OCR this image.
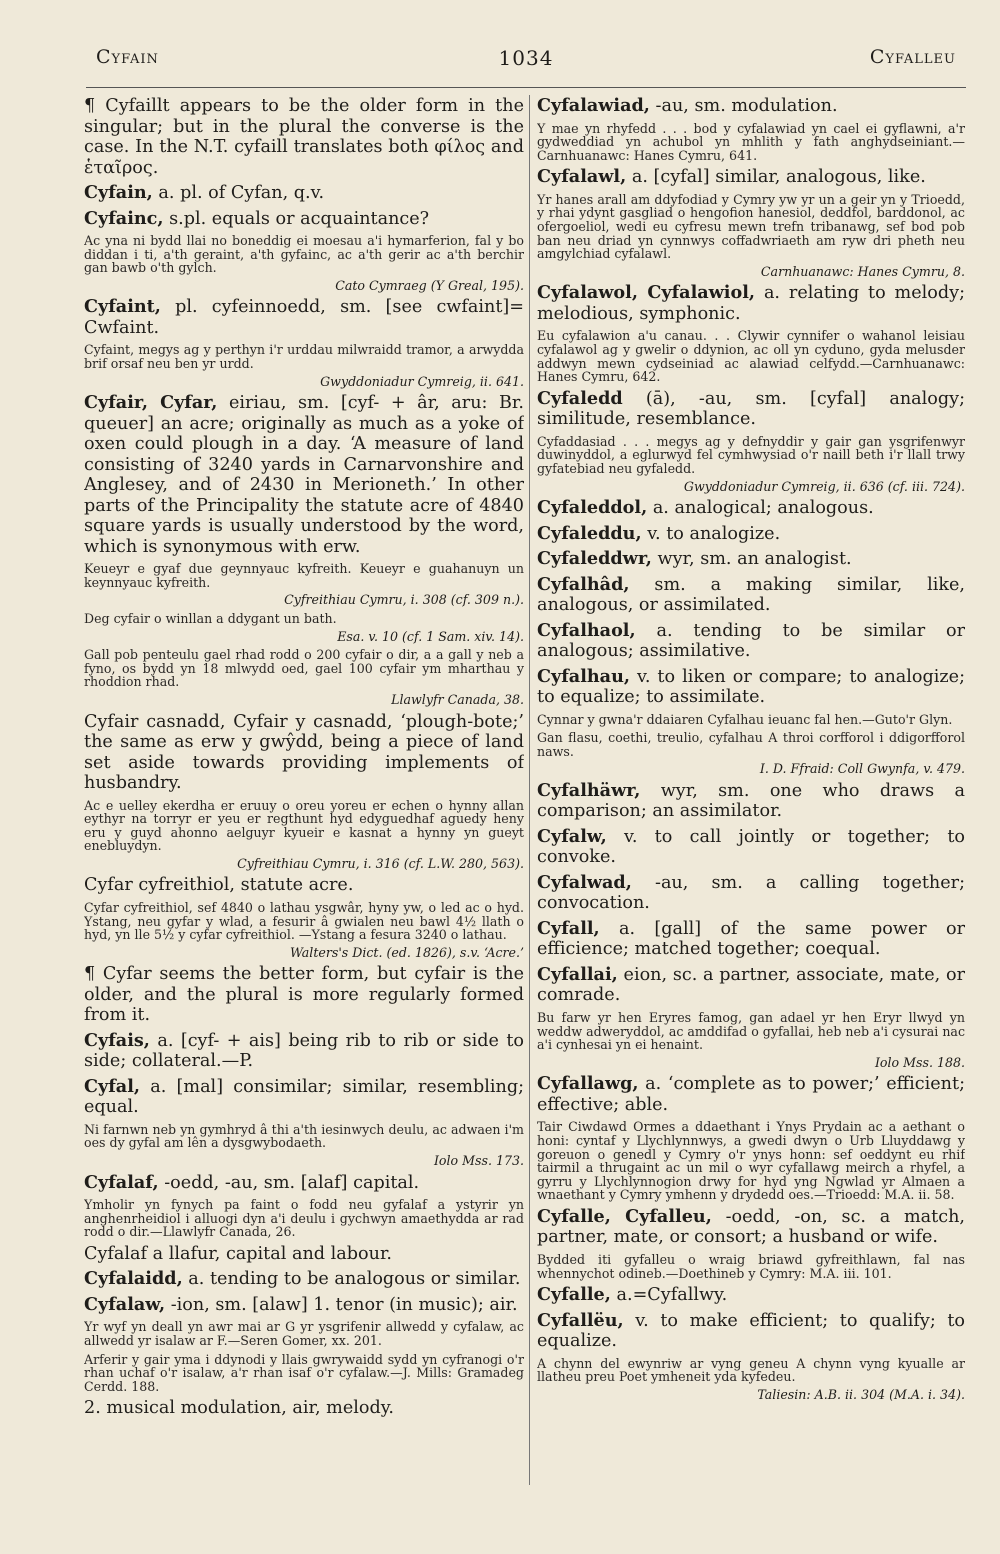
Cyfain	1034	Cyfalleu
¶ Cyfaillt appears to be the older form in the singular; but in the plural the converse is the case. In the N.T. cyfaill translates both φίλος and ἑταῖρος.
Cyfain, a. pl. of Cyfan, q.v.
Cyfainc, s.pl. equals or acquaintance?
Ac yna ni bydd llai no boneddig ei moesau a'i hymarferion, fal y bo diddan i ti, a'th geraint, a'th gyfainc, ac a'th gerir ac a'th berchir gan bawb o'th gylch.
Cato Cymraeg (Y Greal, 195).
Cyfaint, pl. cyfeinnoedd, sm. [see cwfaint]= Cwfaint.
Cyfaint, megys ag y perthyn i'r urddau milwraidd tramor, a arwydda brif orsaf neu ben yr urdd.
Gwyddoniadur Cymreig, ii. 641.
Cyfair, Cyfar, eiriau, sm. [cyf- + âr, aru: Br. queuer] an acre; originally as much as a yoke of oxen could plough in a day. ‘A measure of land consisting of 3240 yards in Carnarvonshire and Anglesey, and of 2430 in Merioneth.’ In other parts of the Principality the statute acre of 4840 square yards is usually understood by the word, which is synonymous with erw.
Keueyr e gyaf due geynnyauc kyfreith. Keueyr e guahanuyn un keynnyauc kyfreith.
Cyfreithiau Cymru, i. 308 (cf. 309 n.).
Deg cyfair o winllan a ddygant un bath.
Esa. v. 10 (cf. 1 Sam. xiv. 14).
Gall pob penteulu gael rhad rodd o 200 cyfair o dir, a a gall y neb a fyno, os bydd yn 18 mlwydd oed, gael 100 cyfair ym mharthau y rhoddion rhad.
Llawlyfr Canada, 38.
Cyfair casnadd, Cyfair y casnadd, ‘plough-bote;’ the same as erw y gwŷdd, being a piece of land set aside towards providing implements of husbandry.
Ac e uelley ekerdha er eruuy o oreu yoreu er echen o hynny allan eythyr na torryr er yeu er regthunt hyd edyguedhaf aguedy heny eru y guyd ahonno aelguyr kyueir e kasnat a hynny yn gueyt enebluydyn.
Cyfreithiau Cymru, i. 316 (cf. L.W. 280, 563).
Cyfar cyfreithiol, statute acre.
Cyfar cyfreithiol, sef 4840 o lathau ysgwâr, hyny yw, o led ac o hyd. Ystang, neu gyfar y wlad, a fesurir â gwialen neu bawl 4½ llath o hyd, yn lle 5½ y cyfar cyfreithiol. —Ystang a fesura 3240 o lathau.
Walters's Dict. (ed. 1826), s.v. ‘Acre.’
¶ Cyfar seems the better form, but cyfair is the older, and the plural is more regularly formed from it.
Cyfais, a. [cyf- + ais] being rib to rib or side to side; collateral.—P.
Cyfal, a. [mal] consimilar; similar, resembling; equal.
Ni farnwn neb yn gymhryd â thi a'th iesinwych deulu, ac adwaen i'm oes dy gyfal am lên a dysgwybodaeth.
Iolo Mss. 173.
Cyfalaf, -oedd, -au, sm. [alaf] capital.
Ymholir yn fynych pa faint o fodd neu gyfalaf a ystyrir yn anghenrheidiol i alluogi dyn a'i deulu i gychwyn amaethydda ar rad rodd o dir.—Llawlyfr Canada, 26.
Cyfalaf a llafur, capital and labour.
Cyfalaidd, a. tending to be analogous or similar.
Cyfalaw, -ion, sm. [alaw] 1. tenor (in music); air.
Yr wyf yn deall yn awr mai ar G yr ysgrifenir allwedd y cyfalaw, ac allwedd yr isalaw ar F.—Seren Gomer, xx. 201.
Arferir y gair yma i ddynodi y llais gwrywaidd sydd yn cyfranogi o'r rhan uchaf o'r isalaw, a'r rhan isaf o'r cyfalaw.—J. Mills: Gramadeg Cerdd. 188.
2. musical modulation, air, melody.
Cyfalawiad, -au, sm. modulation.
Y mae yn rhyfedd . . . bod y cyfalawiad yn cael ei gyflawni, a'r gydweddiad yn achubol yn mhlith y fath anghydseiniant.—Carnhuanawc: Hanes Cymru, 641.
Cyfalawl, a. [cyfal] similar, analogous, like.
Yr hanes arall am ddyfodiad y Cymry yw yr un a geir yn y Trioedd, y rhai ydynt gasgliad o hengofion hanesiol, deddfol, barddonol, ac ofergoeliol, wedi eu cyfresu mewn trefn tribanawg, sef bod pob ban neu driad yn cynnwys coffadwriaeth am ryw dri pheth neu amgylchiad cyfalawl.
Carnhuanawc: Hanes Cymru, 8.
Cyfalawol, Cyfalawiol, a. relating to melody; melodious, symphonic.
Eu cyfalawion a'u canau. . . Clywir cynnifer o wahanol leisiau cyfalawol ag y gwelir o ddynion, ac oll yn cyduno, gyda melusder addwyn mewn cydseiniad ac alawiad celfydd.—Carnhuanawc: Hanes Cymru, 642.
Cyfaledd (ā), -au, sm. [cyfal] analogy; similitude, resemblance.
Cyfaddasiad . . . megys ag y defnyddir y gair gan ysgrifenwyr duwinyddol, a eglurwyd fel cymhwysiad o'r naill beth i'r llall trwy gyfatebiad neu gyfaledd.
Gwyddoniadur Cymreig, ii. 636 (cf. iii. 724).
Cyfaleddol, a. analogical; analogous.
Cyfaleddu, v. to analogize.
Cyfaleddwr, wyr, sm. an analogist.
Cyfalhâd, sm. a making similar, like, analogous, or assimilated.
Cyfalhaol, a. tending to be similar or analogous; assimilative.
Cyfalhau, v. to liken or compare; to analogize; to equalize; to assimilate.
Cynnar y gwna'r ddaiaren Cyfalhau ieuanc fal hen.—Guto'r Glyn.
Gan flasu, coethi, treulio, cyfalhau A throi corfforol i ddigorfforol naws.
I. D. Ffraid: Coll Gwynfa, v. 479.
Cyfalhäwr, wyr, sm. one who draws a comparison; an assimilator.
Cyfalw, v. to call jointly or together; to convoke.
Cyfalwad, -au, sm. a calling together; convocation.
Cyfall, a. [gall] of the same power or efficience; matched together; coequal.
Cyfallai, eion, sc. a partner, associate, mate, or comrade.
Bu farw yr hen Eryres famog, gan adael yr hen Eryr llwyd yn weddw adweryddol, ac amddifad o gyfallai, heb neb a'i cysurai nac a'i cynhesai yn ei henaint.
Iolo Mss. 188.
Cyfallawg, a. ‘complete as to power;’ efficient; effective; able.
Tair Ciwdawd Ormes a ddaethant i Ynys Prydain ac a aethant o honi: cyntaf y Llychlynnwys, a gwedi dwyn o Urb Lluyddawg y goreuon o genedl y Cymry o'r ynys honn: sef oeddynt eu rhif tairmil a thrugaint ac un mil o wyr cyfallawg meirch a rhyfel, a gyrru y Llychlynnogion drwy for hyd yng Ngwlad yr Almaen a wnaethant y Cymry ymhenn y drydedd oes.—Trioedd: M.A. ii. 58.
Cyfalle, Cyfalleu, -oedd, -on, sc. a match, partner, mate, or consort; a husband or wife.
Bydded iti gyfalleu o wraig briawd gyfreithlawn, fal nas whennychot odineb.—Doethineb y Cymry: M.A. iii. 101.
Cyfalle, a.=Cyfallwy.
Cyfallëu, v. to make efficient; to qualify; to equalize.
A chynn del ewynriw ar vyng geneu A chynn vyng kyualle ar llatheu preu Poet ymheneit yda kyfedeu.
Taliesin: A.B. ii. 304 (M.A. i. 34).
